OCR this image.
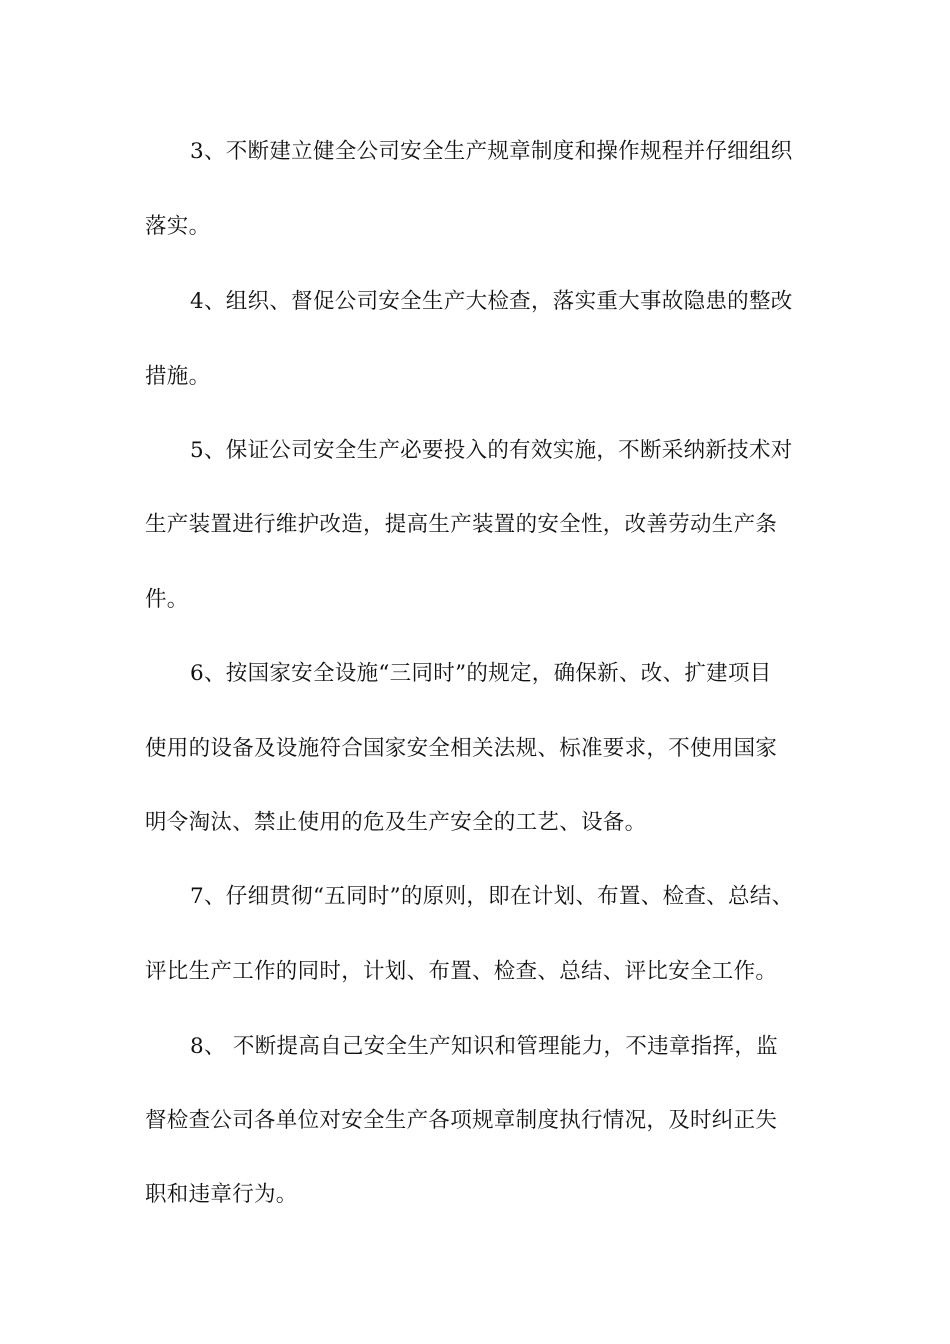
3、不断建立健全公司安全生产规章制度和操作规程并仔细组织
落实。
4、组织、督促公司安全生产大检查，落实重大事故隐患的整改
措施。
5、保证公司安全生产必要投入的有效实施，不断采纳新技术对
生产装置进行维护改造，提高生产装置的安全性，改善劳动生产条
件。
6、按国家安全设施“三同时”的规定，确保新、改、扩建项目
使用的设备及设施符合国家安全相关法规、标准要求，不使用国家
明令淘汰、禁止使用的危及生产安全的工艺、设备。
7、仔细贯彻“五同时”的原则，即在计划、布置、检查、总结、
评比生产工作的同时，计划、布置、检查、总结、评比安全工作。
8、 不断提高自己安全生产知识和管理能力，不违章指挥，监
督检查公司各单位对安全生产各项规章制度执行情况，及时纠正失
职和违章行为。
